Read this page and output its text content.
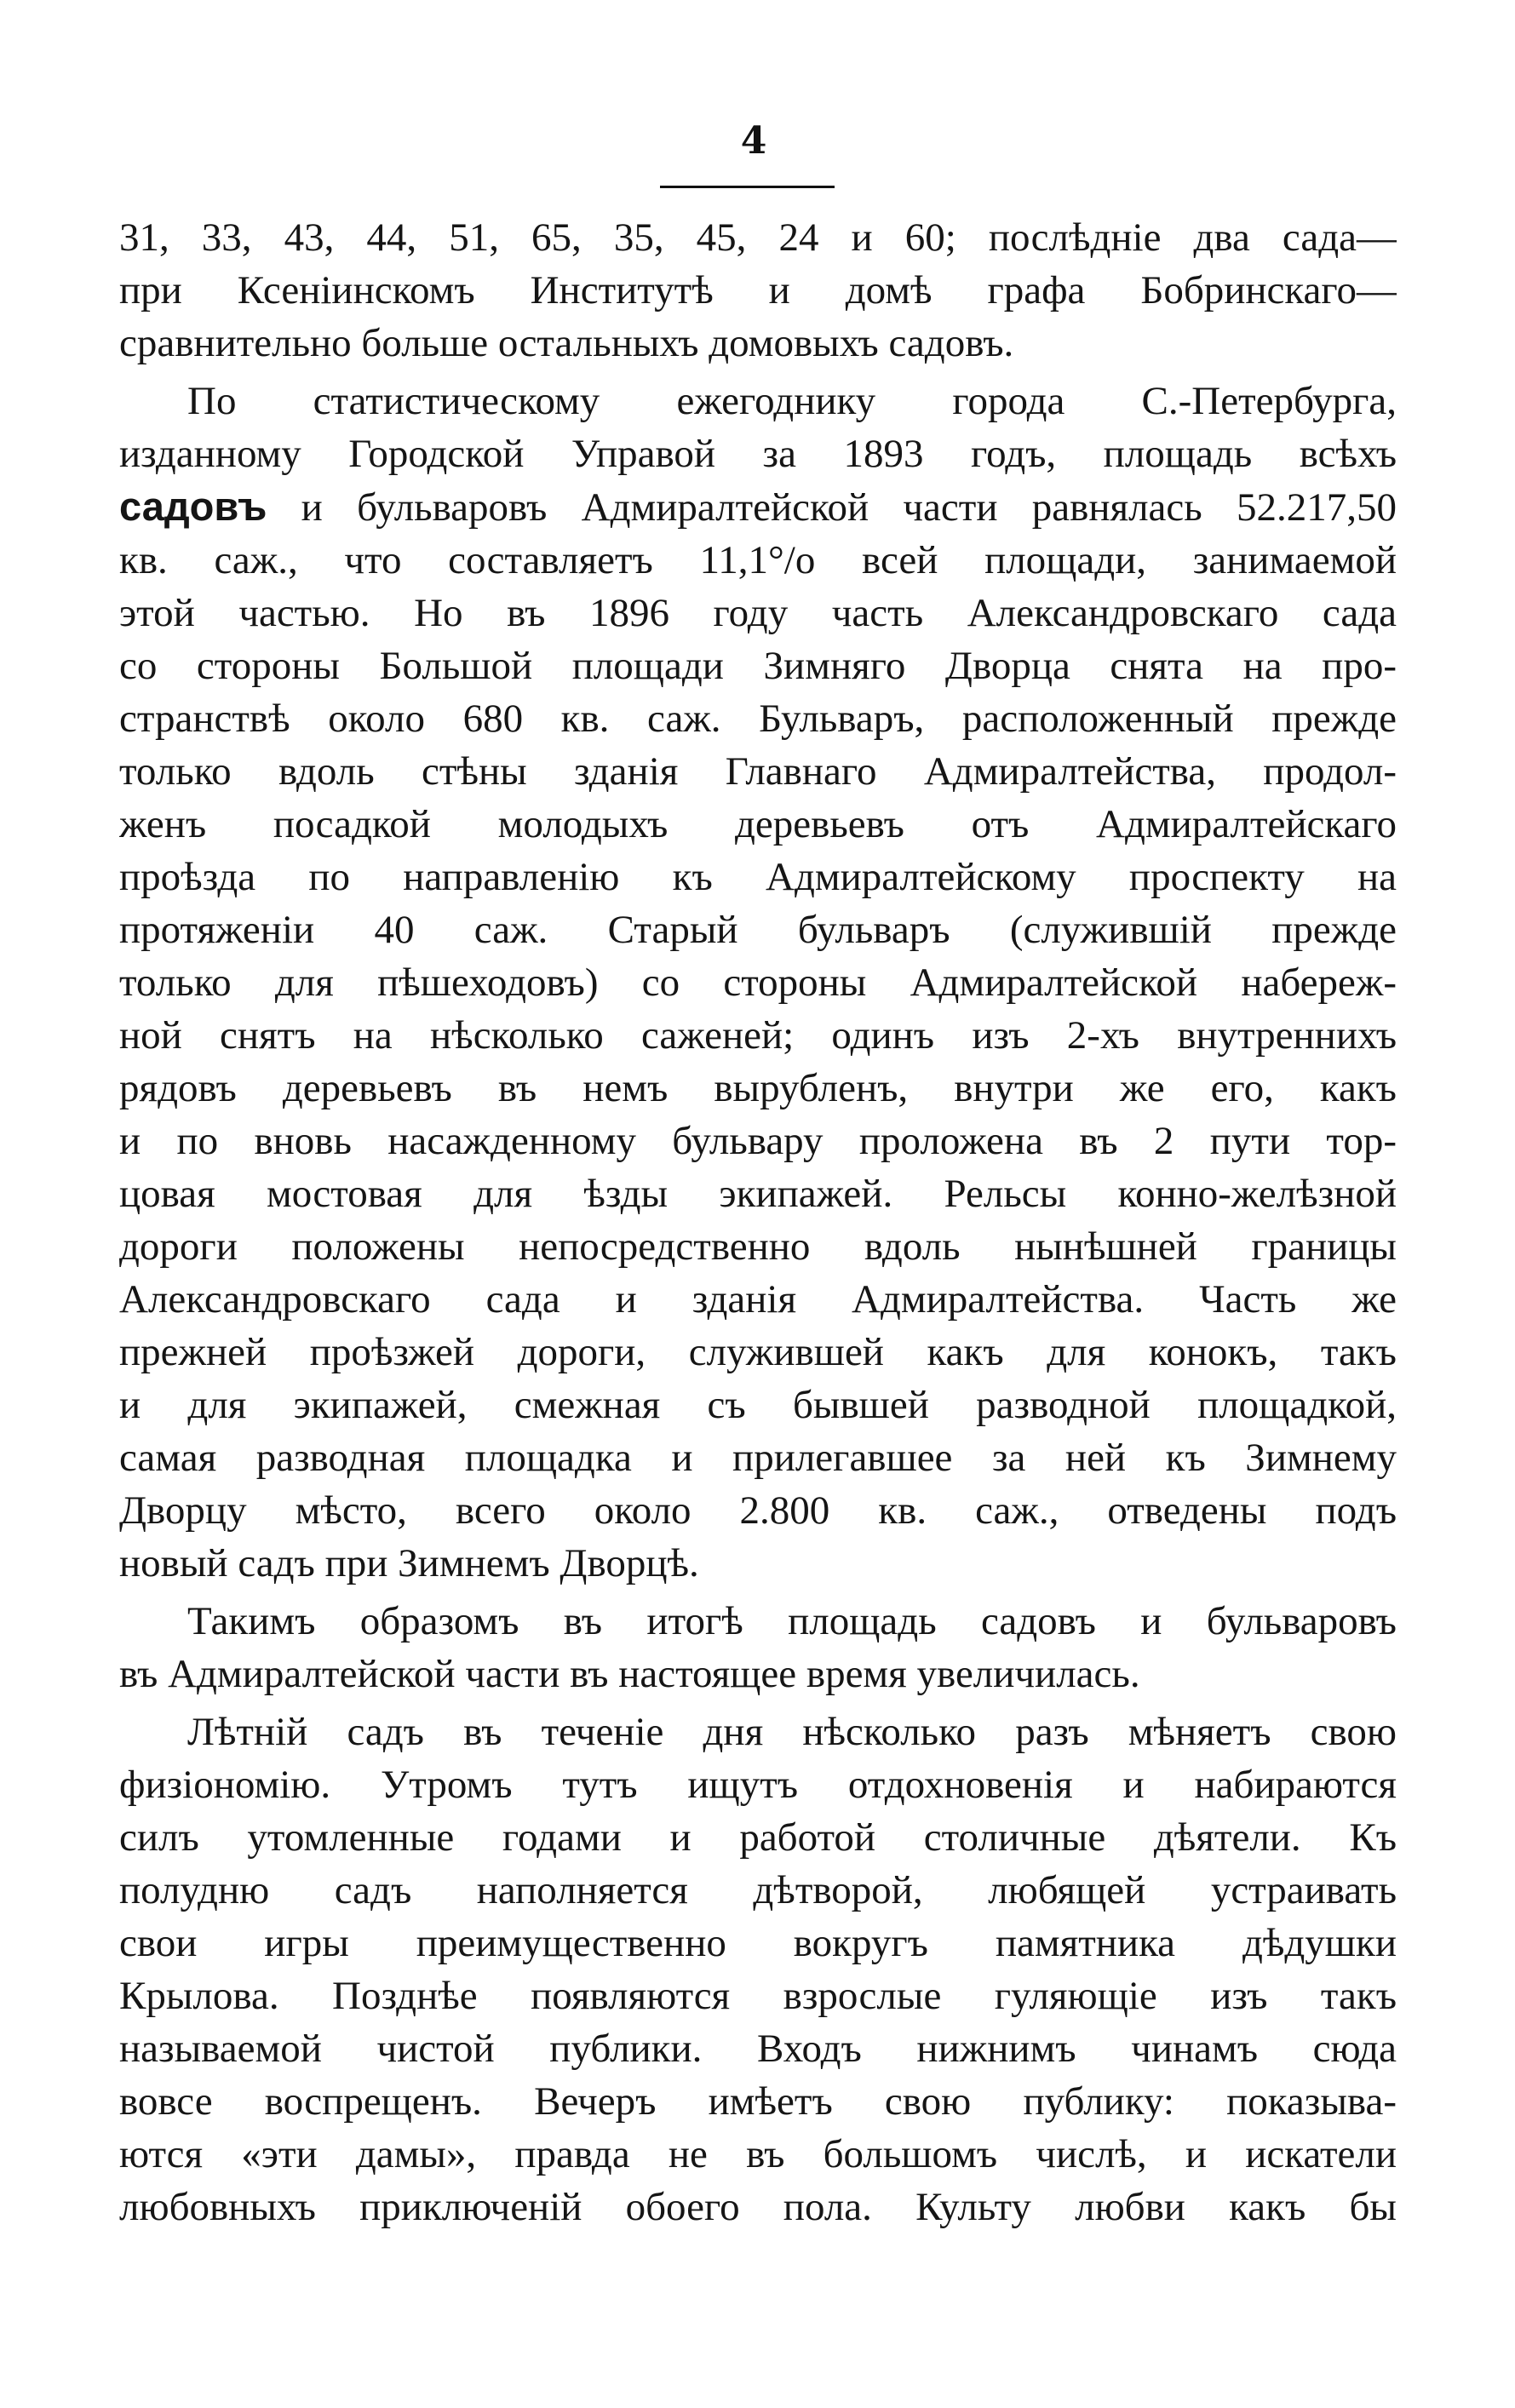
4
31, 33, 43, 44, 51, 65, 35, 45, 24 и 60; послѣдніе два сада—
при Ксеніинскомъ Институтѣ и домѣ графа Бобринскаго—
сравнительно больше остальныхъ домовыхъ садовъ.
По статистическому ежегоднику города С.-Петербурга,
изданному Городской Управой за 1893 годъ, площадь всѣхъ
садовъ и бульваровъ Адмиралтейской части равнялась 52.217,50
кв. саж., что составляетъ 11,1°/о всей площади, занимаемой
этой частью. Но въ 1896 году часть Александровскаго сада
со стороны Большой площади Зимняго Дворца снята на про-
странствѣ около 680 кв. саж. Бульваръ, расположенный прежде
только вдоль стѣны зданія Главнаго Адмиралтейства, продол-
женъ посадкой молодыхъ деревьевъ отъ Адмиралтейскаго
проѣзда по направленію къ Адмиралтейскому проспекту на
протяженіи 40 саж. Старый бульваръ (служившій прежде
только для пѣшеходовъ) со стороны Адмиралтейской набереж-
ной снятъ на нѣсколько саженей; одинъ изъ 2-хъ внутреннихъ
рядовъ деревьевъ въ немъ вырубленъ, внутри же его, какъ
и по вновь насажденному бульвару проложена въ 2 пути тор-
цовая мостовая для ѣзды экипажей. Рельсы конно-желѣзной
дороги положены непосредственно вдоль нынѣшней границы
Александровскаго сада и зданія Адмиралтейства. Часть же
прежней проѣзжей дороги, служившей какъ для конокъ, такъ
и для экипажей, смежная съ бывшей разводной площадкой,
самая разводная площадка и прилегавшее за ней къ Зимнему
Дворцу мѣсто, всего около 2.800 кв. саж., отведены подъ
новый садъ при Зимнемъ Дворцѣ.
Такимъ образомъ въ итогѣ площадь садовъ и бульваровъ
въ Адмиралтейской части въ настоящее время увеличилась.
Лѣтній садъ въ теченіе дня нѣсколько разъ мѣняетъ свою
физіономію. Утромъ тутъ ищутъ отдохновенія и набираются
силъ утомленные годами и работой столичные дѣятели. Къ
полудню садъ наполняется дѣтворой, любящей устраивать
свои игры преимущественно вокругъ памятника дѣдушки
Крылова. Позднѣе появляются взрослые гуляющіе изъ такъ
называемой чистой публики. Входъ нижнимъ чинамъ сюда
вовсе воспрещенъ. Вечеръ имѣетъ свою публику: показыва-
ются «эти дамы», правда не въ большомъ числѣ, и искатели
любовныхъ приключеній обоего пола. Культу любви какъ бы
